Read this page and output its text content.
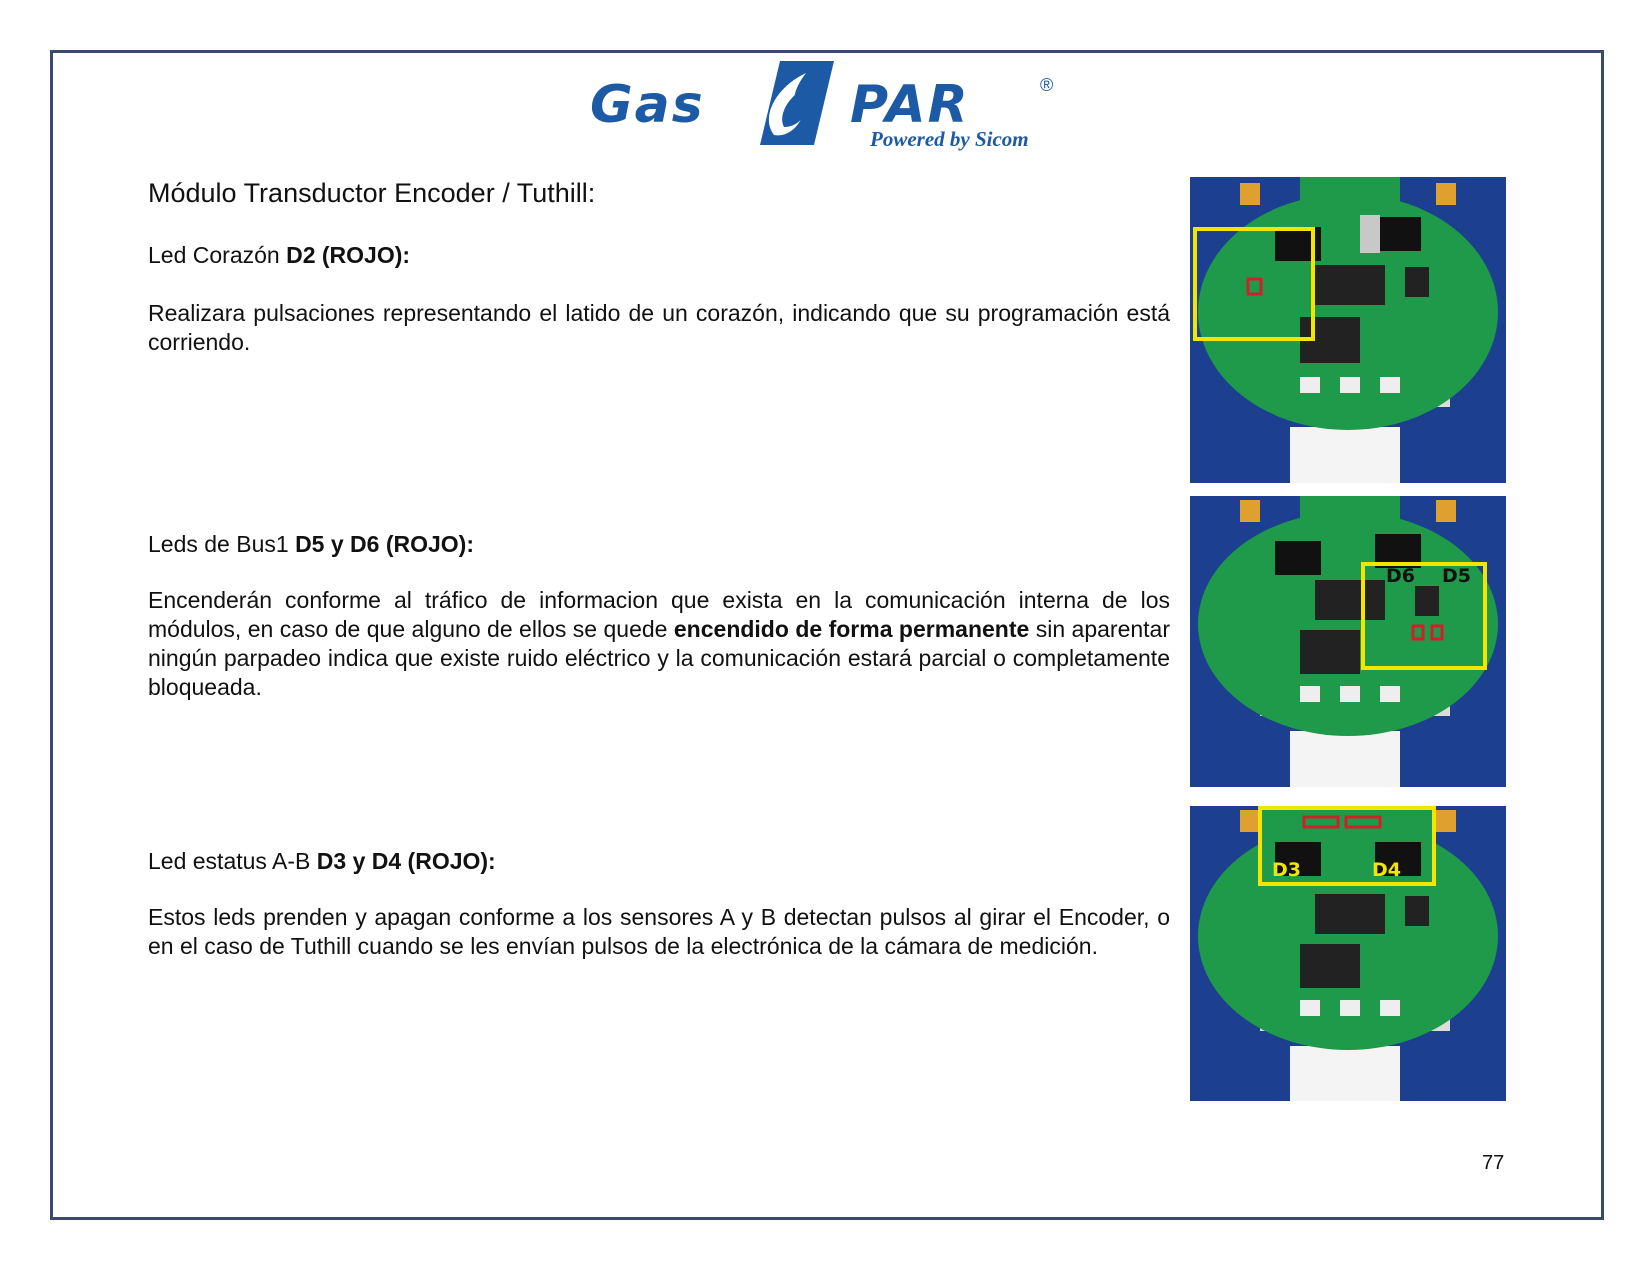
Gas	PAR	®
Powered by Sicom
Módulo Transductor Encoder / Tuthill:
Led Corazón D2 (ROJO):
Realizara pulsaciones representando el latido de un corazón, indicando que su programación está corriendo.
Leds de Bus1 D5 y D6 (ROJO):
Encenderán conforme al tráfico de informacion que exista en la comunicación interna de los módulos, en caso de que alguno de ellos se quede encendido de forma permanente sin aparentar ningún parpadeo indica que existe ruido eléctrico y la comunicación estará parcial o completamente bloqueada.
Led estatus A-B D3 y D4 (ROJO):
Estos leds prenden y apagan conforme a los sensores A y B detectan pulsos al girar el Encoder, o en el caso de Tuthill cuando se les envían pulsos de la electrónica de la cámara de medición.
D6 D5
D3	D4
77
